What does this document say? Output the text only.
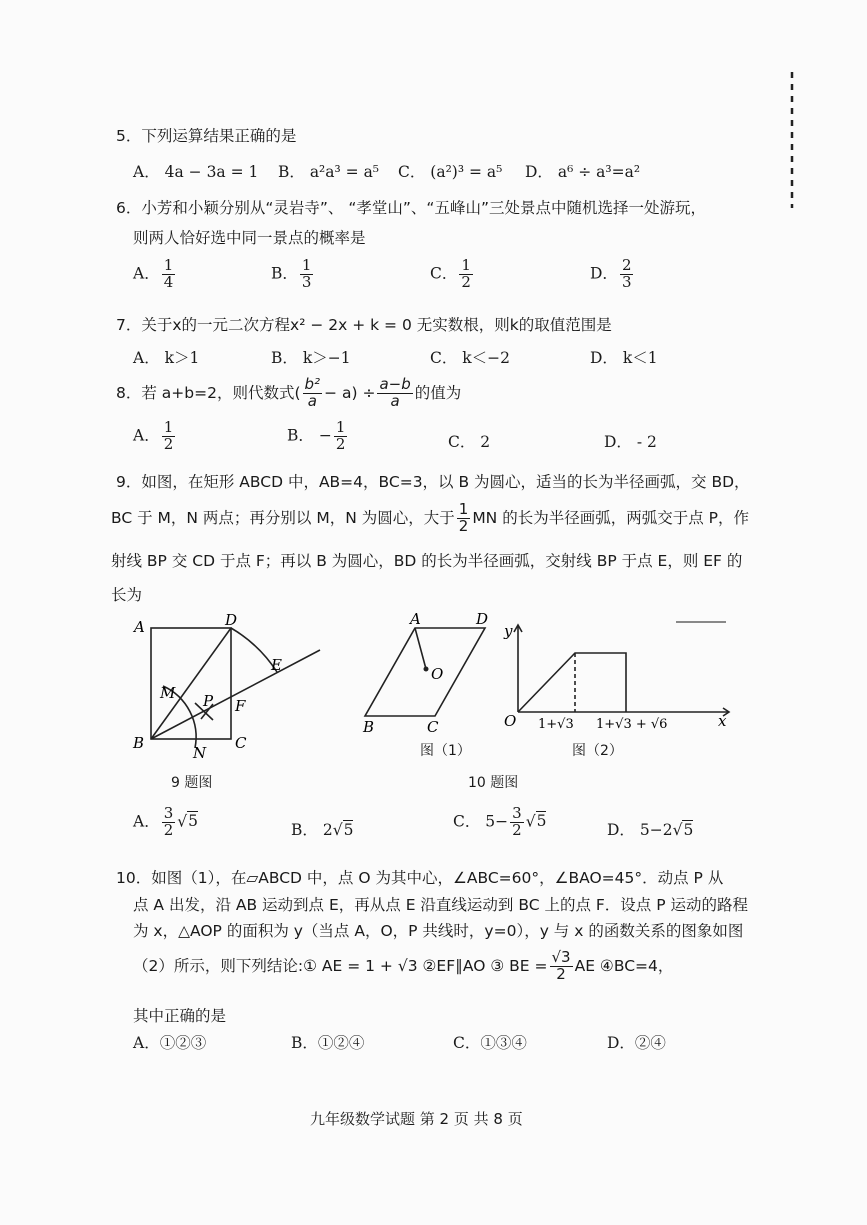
5．下列运算结果正确的是
A． 4a − 3a = 1 B． a²a³ = a⁵ C． (a²)³ = a⁵ D． a⁶ ÷ a³=a²
6．小芳和小颖分别从“灵岩寺”、 “孝堂山”、“五峰山”三处景点中随机选择一处游玩，
则两人恰好选中同一景点的概率是
A． $\frac{1}{4}$	B． $\frac{1}{3}$	C． $\frac{1}{2}$	D． $\frac{2}{3}$
7．关于x的一元二次方程x² − 2x + k = 0 无实数根，则k的取值范围是
A． k＞1	B． k＞−1	C． k＜−2	D． k＜1
8．若 a+b=2，则代数式( $\frac{\text{b²}}{a} - a) \div \frac{a-b}{a}$ 的值为
A． $\frac{1}{2}$	B． − $\frac{1}{2}$	C． 2	D． - 2
9．如图，在矩形 ABCD 中，AB=4，BC=3，以 B 为圆心，适当的长为半径画弧，交 BD，
BC 于 M，N 两点；再分别以 M，N 为圆心，大于 $\frac{1}{2}$ MN 的长为半径画弧，两弧交于点 P，作
射线 BP 交 CD 于点 F；再以 B 为圆心，BD 的长为半径画弧，交射线 BP 于点 E，则 EF 的
长为
A	D
B	C
M
N
P F
E
9 题图
A	D
B	C
O
图（1）
y
x
O 1+√3 1+√3 + √6
图（2）
10 题图
A． $\frac{3}{2} √5$	B． 2√5	C． $5- \frac{3}{2} √5$	D． 5−2√5
10．如图（1），在▱ABCD 中，点 O 为其中心，∠ABC=60°，∠BAO=45°．动点 P 从
点 A 出发，沿 AB 运动到点 E，再从点 E 沿直线运动到 BC 上的点 F．设点 P 运动的路程
为 x，△AOP 的面积为 y（当点 A，O，P 共线时，y=0），y 与 x 的函数关系的图象如图
（2）所示，则下列结论:① AE = 1 + √3 ②EF∥AO ③ BE = $\frac{√3}{2}$ AE ④BC=4，
其中正确的是
A．①②③	B．①②④	C．①③④	D．②④
九年级数学试题 第 2 页 共 8 页
